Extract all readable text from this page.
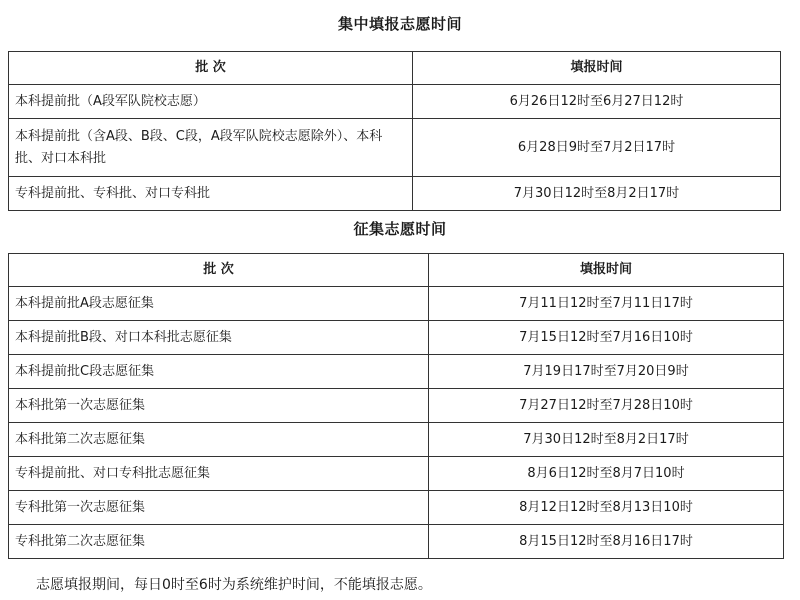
集中填报志愿时间
批 次	填报时间
本科提前批（A段军队院校志愿）	6月26日12时至6月27日12时
本科提前批（含A段、B段、C段，A段军队院校志愿除外）、本科批、对口本科批	6月28日9时至7月2日17时
专科提前批、专科批、对口专科批	7月30日12时至8月2日17时
征集志愿时间
批 次	填报时间
本科提前批A段志愿征集	7月11日12时至7月11日17时
本科提前批B段、对口本科批志愿征集	7月15日12时至7月16日10时
本科提前批C段志愿征集	7月19日17时至7月20日9时
本科批第一次志愿征集	7月27日12时至7月28日10时
本科批第二次志愿征集	7月30日12时至8月2日17时
专科提前批、对口专科批志愿征集	8月6日12时至8月7日10时
专科批第一次志愿征集	8月12日12时至8月13日10时
专科批第二次志愿征集	8月15日12时至8月16日17时
志愿填报期间，每日0时至6时为系统维护时间，不能填报志愿。
